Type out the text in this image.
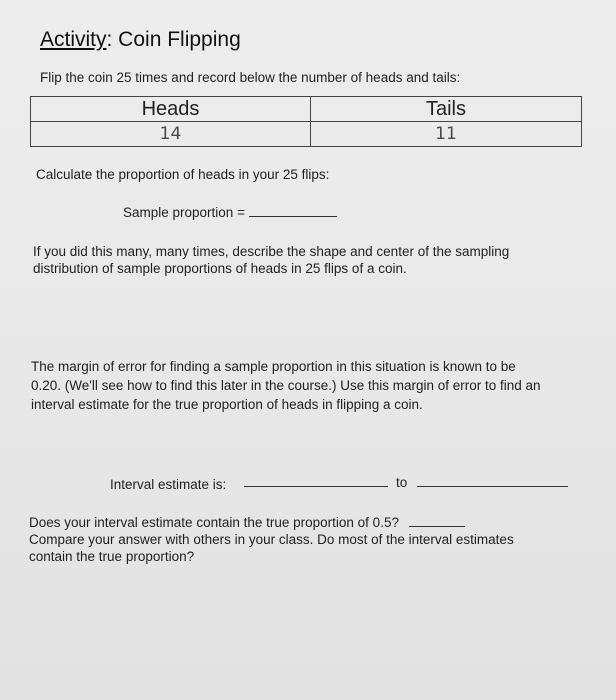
Activity: Coin Flipping
Flip the coin 25 times and record below the number of heads and tails:
Heads	Tails
14	11
Calculate the proportion of heads in your 25 flips:
Sample proportion =
If you did this many, many times, describe the shape and center of the sampling
distribution of sample proportions of heads in 25 flips of a coin.
The margin of error for finding a sample proportion in this situation is known to be
0.20. (We'll see how to find this later in the course.) Use this margin of error to find an
interval estimate for the true proportion of heads in flipping a coin.
Interval estimate is:	to
Does your interval estimate contain the true proportion of 0.5?
Compare your answer with others in your class. Do most of the interval estimates
contain the true proportion?
